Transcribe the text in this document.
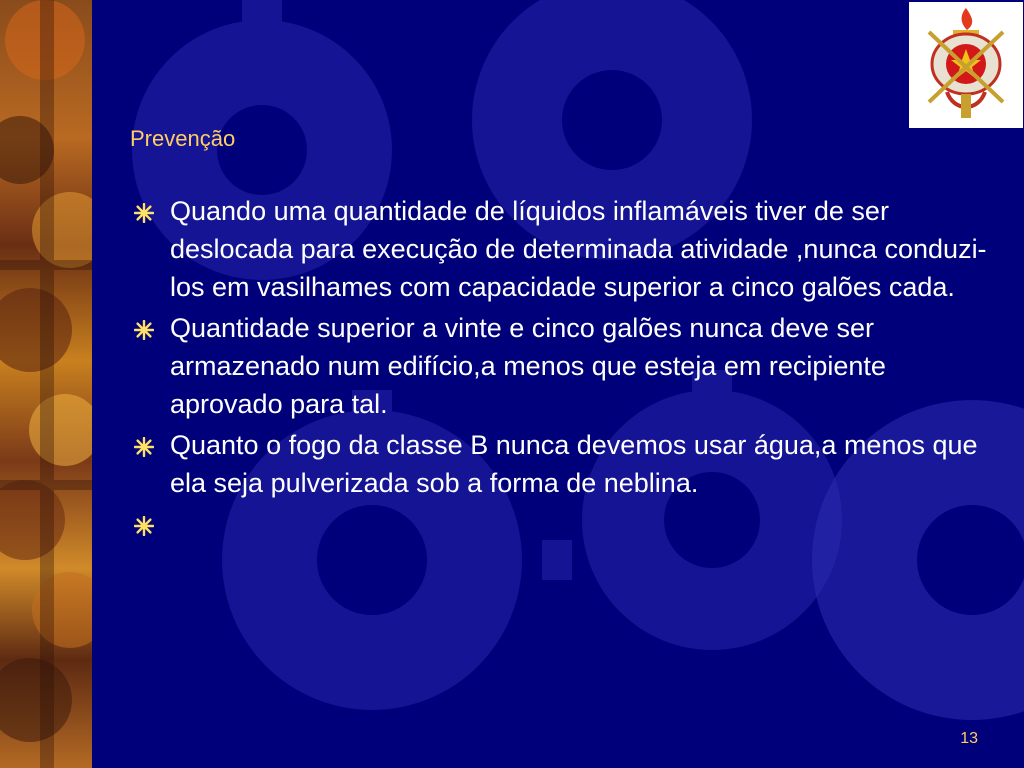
Prevenção
Quando uma quantidade de líquidos inflamáveis tiver de ser deslocada para execução de determinada atividade ,nunca conduzi-los em vasilhames com capacidade superior a cinco galões cada.
Quantidade superior a vinte e cinco galões nunca deve ser armazenado num edifício,a menos que esteja em recipiente aprovado para tal.
Quanto o fogo da classe B nunca devemos usar água,a menos que ela seja pulverizada sob a forma de neblina.
13
